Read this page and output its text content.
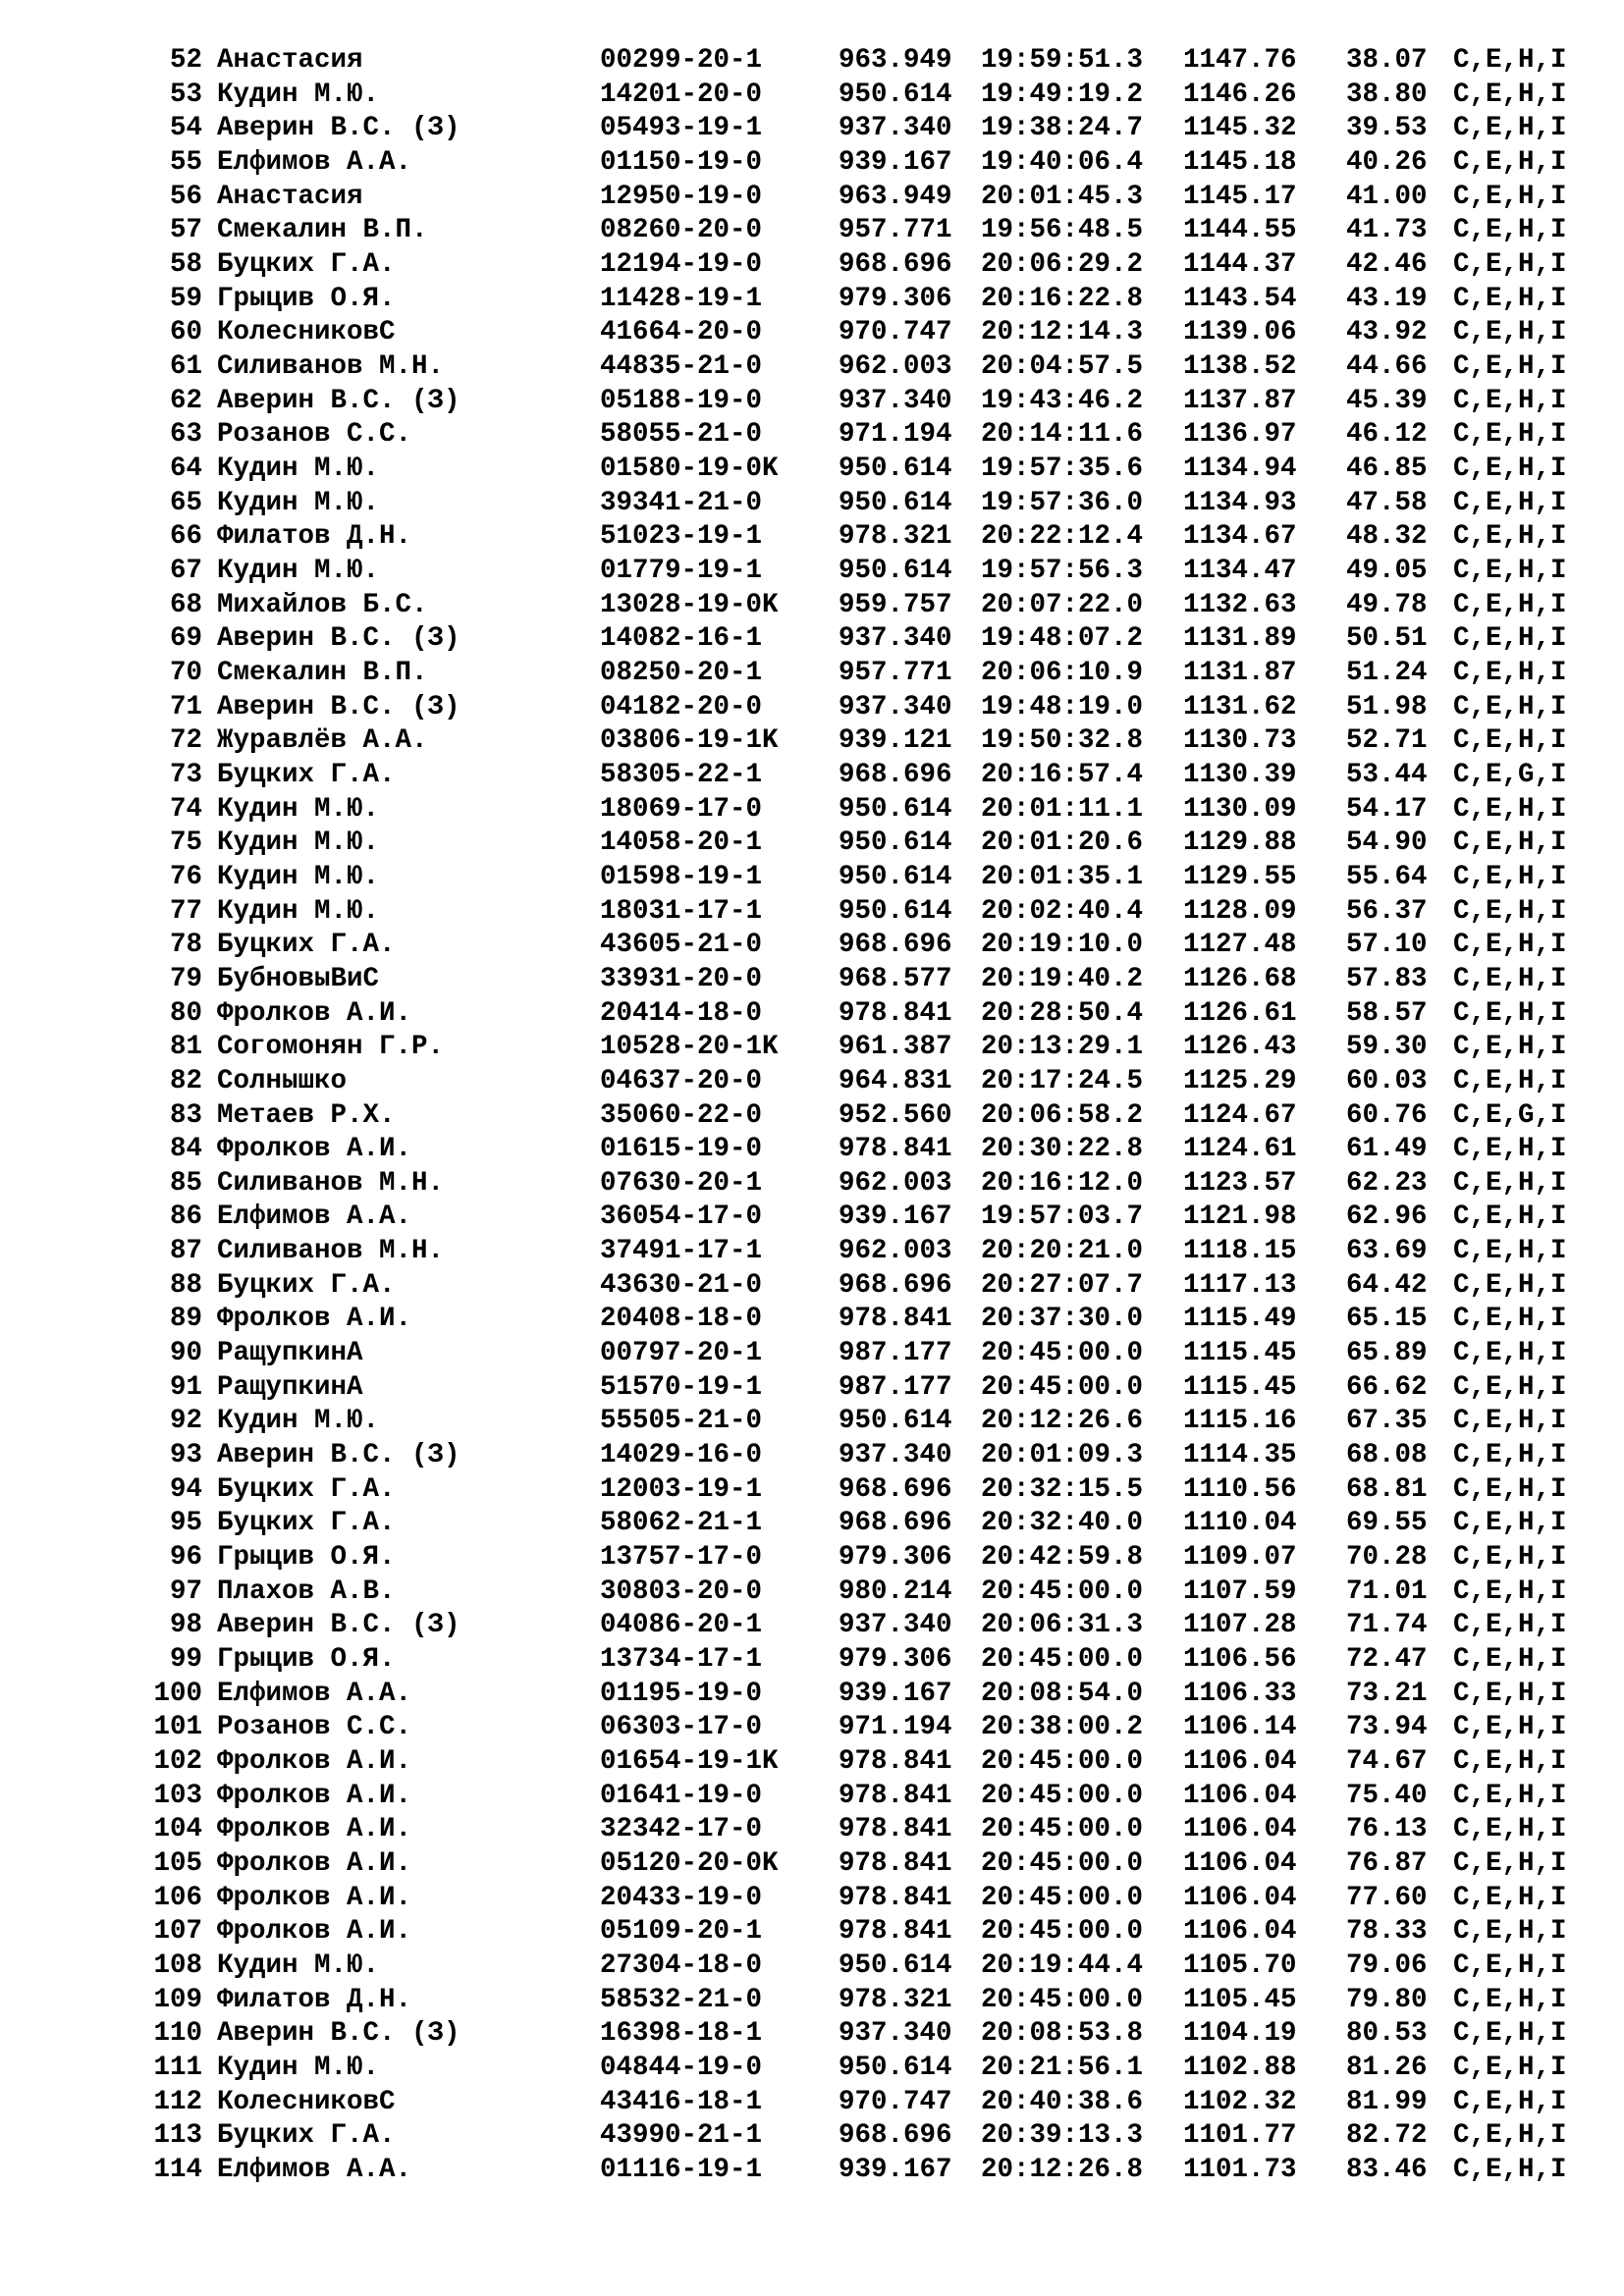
52 Анастасия	00299-20-1	963.949 19:59:51.3 1147.76 38.07 C,E,H,I
53 Кудин М.Ю.	14201-20-0	950.614 19:49:19.2 1146.26 38.80 C,E,H,I
54 Аверин В.С. (З)	05493-19-1	937.340 19:38:24.7 1145.32 39.53 C,E,H,I
55 Елфимов А.А.	01150-19-0	939.167 19:40:06.4 1145.18 40.26 C,E,H,I
56 Анастасия	12950-19-0	963.949 20:01:45.3 1145.17 41.00 C,E,H,I
57 Смекалин В.П.	08260-20-0	957.771 19:56:48.5 1144.55 41.73 C,E,H,I
58 Буцких Г.А.	12194-19-0	968.696 20:06:29.2 1144.37 42.46 C,E,H,I
59 Грыцив О.Я.	11428-19-1	979.306 20:16:22.8 1143.54 43.19 C,E,H,I
60 КолесниковС	41664-20-0	970.747 20:12:14.3 1139.06 43.92 C,E,H,I
61 Силиванов М.Н.	44835-21-0	962.003 20:04:57.5 1138.52 44.66 C,E,H,I
62 Аверин В.С. (З)	05188-19-0	937.340 19:43:46.2 1137.87 45.39 C,E,H,I
63 Розанов С.С.	58055-21-0	971.194 20:14:11.6 1136.97 46.12 C,E,H,I
64 Кудин М.Ю.	01580-19-0K 950.614 19:57:35.6 1134.94 46.85 C,E,H,I
65 Кудин М.Ю.	39341-21-0	950.614 19:57:36.0 1134.93 47.58 C,E,H,I
66 Филатов Д.Н.	51023-19-1	978.321 20:22:12.4 1134.67 48.32 C,E,H,I
67 Кудин М.Ю.	01779-19-1	950.614 19:57:56.3 1134.47 49.05 C,E,H,I
68 Михайлов Б.С.	13028-19-0K 959.757 20:07:22.0 1132.63 49.78 C,E,H,I
69 Аверин В.С. (З)	14082-16-1	937.340 19:48:07.2 1131.89 50.51 C,E,H,I
70 Смекалин В.П.	08250-20-1	957.771 20:06:10.9 1131.87 51.24 C,E,H,I
71 Аверин В.С. (З)	04182-20-0	937.340 19:48:19.0 1131.62 51.98 C,E,H,I
72 Журавлёв А.А.	03806-19-1K 939.121 19:50:32.8 1130.73 52.71 C,E,H,I
73 Буцких Г.А.	58305-22-1	968.696 20:16:57.4 1130.39 53.44 C,E,G,I
74 Кудин М.Ю.	18069-17-0	950.614 20:01:11.1 1130.09 54.17 C,E,H,I
75 Кудин М.Ю.	14058-20-1	950.614 20:01:20.6 1129.88 54.90 C,E,H,I
76 Кудин М.Ю.	01598-19-1	950.614 20:01:35.1 1129.55 55.64 C,E,H,I
77 Кудин М.Ю.	18031-17-1	950.614 20:02:40.4 1128.09 56.37 C,E,H,I
78 Буцких Г.А.	43605-21-0	968.696 20:19:10.0 1127.48 57.10 C,E,H,I
79 БубновыВиС	33931-20-0	968.577 20:19:40.2 1126.68 57.83 C,E,H,I
80 Фролков А.И.	20414-18-0	978.841 20:28:50.4 1126.61 58.57 C,E,H,I
81 Согомонян Г.Р.	10528-20-1K 961.387 20:13:29.1 1126.43 59.30 C,E,H,I
82 Солнышко	04637-20-0	964.831 20:17:24.5 1125.29 60.03 C,E,H,I
83 Метаев Р.Х.	35060-22-0	952.560 20:06:58.2 1124.67 60.76 C,E,G,I
84 Фролков А.И.	01615-19-0	978.841 20:30:22.8 1124.61 61.49 C,E,H,I
85 Силиванов М.Н.	07630-20-1	962.003 20:16:12.0 1123.57 62.23 C,E,H,I
86 Елфимов А.А.	36054-17-0	939.167 19:57:03.7 1121.98 62.96 C,E,H,I
87 Силиванов М.Н.	37491-17-1	962.003 20:20:21.0 1118.15 63.69 C,E,H,I
88 Буцких Г.А.	43630-21-0	968.696 20:27:07.7 1117.13 64.42 C,E,H,I
89 Фролков А.И.	20408-18-0	978.841 20:37:30.0 1115.49 65.15 C,E,H,I
90 РащупкинА	00797-20-1	987.177 20:45:00.0 1115.45 65.89 C,E,H,I
91 РащупкинА	51570-19-1	987.177 20:45:00.0 1115.45 66.62 C,E,H,I
92 Кудин М.Ю.	55505-21-0	950.614 20:12:26.6 1115.16 67.35 C,E,H,I
93 Аверин В.С. (З)	14029-16-0	937.340 20:01:09.3 1114.35 68.08 C,E,H,I
94 Буцких Г.А.	12003-19-1	968.696 20:32:15.5 1110.56 68.81 C,E,H,I
95 Буцких Г.А.	58062-21-1	968.696 20:32:40.0 1110.04 69.55 C,E,H,I
96 Грыцив О.Я.	13757-17-0	979.306 20:42:59.8 1109.07 70.28 C,E,H,I
97 Плахов А.В.	30803-20-0	980.214 20:45:00.0 1107.59 71.01 C,E,H,I
98 Аверин В.С. (З)	04086-20-1	937.340 20:06:31.3 1107.28 71.74 C,E,H,I
99 Грыцив О.Я.	13734-17-1	979.306 20:45:00.0 1106.56 72.47 C,E,H,I
100 Елфимов А.А.	01195-19-0	939.167 20:08:54.0 1106.33 73.21 C,E,H,I
101 Розанов С.С.	06303-17-0	971.194 20:38:00.2 1106.14 73.94 C,E,H,I
102 Фролков А.И.	01654-19-1K 978.841 20:45:00.0 1106.04 74.67 C,E,H,I
103 Фролков А.И.	01641-19-0	978.841 20:45:00.0 1106.04 75.40 C,E,H,I
104 Фролков А.И.	32342-17-0	978.841 20:45:00.0 1106.04 76.13 C,E,H,I
105 Фролков А.И.	05120-20-0K 978.841 20:45:00.0 1106.04 76.87 C,E,H,I
106 Фролков А.И.	20433-19-0	978.841 20:45:00.0 1106.04 77.60 C,E,H,I
107 Фролков А.И.	05109-20-1	978.841 20:45:00.0 1106.04 78.33 C,E,H,I
108 Кудин М.Ю.	27304-18-0	950.614 20:19:44.4 1105.70 79.06 C,E,H,I
109 Филатов Д.Н.	58532-21-0	978.321 20:45:00.0 1105.45 79.80 C,E,H,I
110 Аверин В.С. (З)	16398-18-1	937.340 20:08:53.8 1104.19 80.53 C,E,H,I
111 Кудин М.Ю.	04844-19-0	950.614 20:21:56.1 1102.88 81.26 C,E,H,I
112 КолесниковС	43416-18-1	970.747 20:40:38.6 1102.32 81.99 C,E,H,I
113 Буцких Г.А.	43990-21-1	968.696 20:39:13.3 1101.77 82.72 C,E,H,I
114 Елфимов А.А.	01116-19-1	939.167 20:12:26.8 1101.73 83.46 C,E,H,I
